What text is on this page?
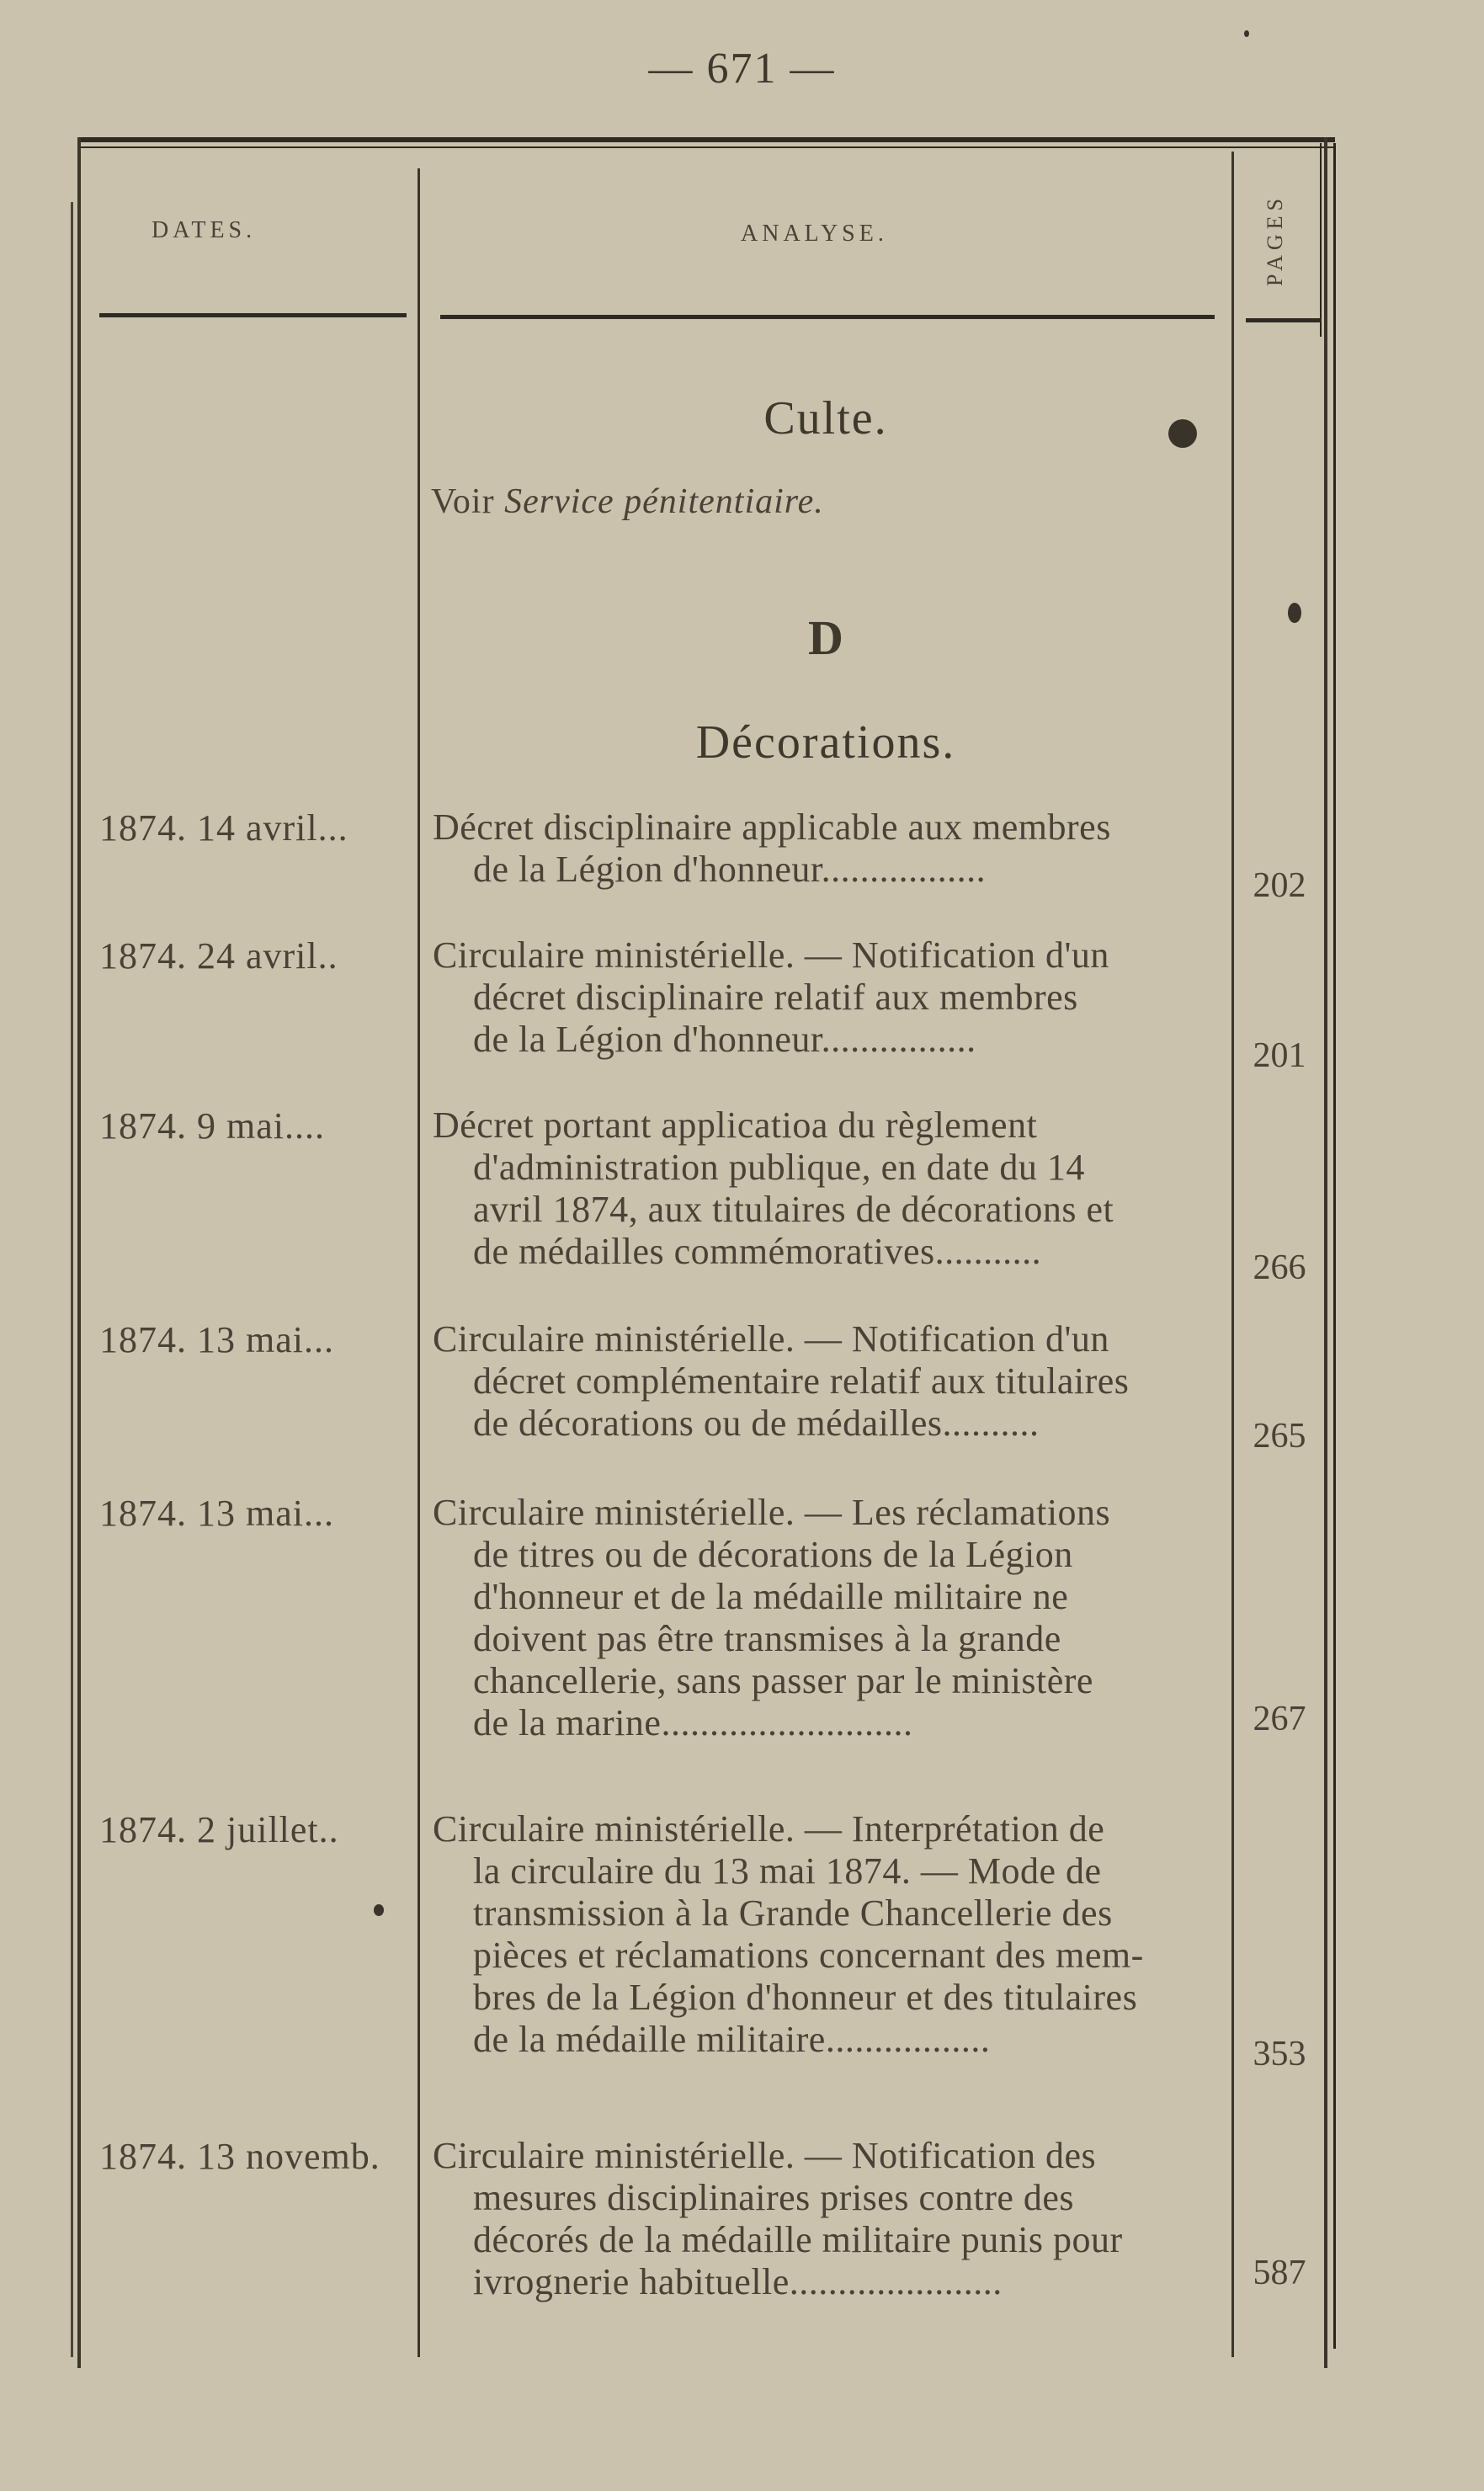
— 671 —
DATES.	ANALYSE.	PAGES
Culte.
Voir Service pénitentiaire.
D
Décorations.
1874. 14 avril... Décret disciplinaire applicable aux membres
de la Légion d'honneur.................	202
1874. 24 avril..	Circulaire ministérielle. — Notification d'un
décret disciplinaire relatif aux membres
de la Légion d'honneur................	201
1874. 9 mai....	Décret portant applicatioa du règlement
d'administration publique, en date du 14
avril 1874, aux titulaires de décorations et
de médailles commémoratives...........	266
1874. 13 mai...	Circulaire ministérielle. — Notification d'un
décret complémentaire relatif aux titulaires
de décorations ou de médailles..........	265
1874. 13 mai...	Circulaire ministérielle. — Les réclamations
de titres ou de décorations de la Légion
d'honneur et de la médaille militaire ne
doivent pas être transmises à la grande
chancellerie, sans passer par le ministère
de la marine..........................	267
1874. 2 juillet..	Circulaire ministérielle. — Interprétation de
la circulaire du 13 mai 1874. — Mode de
transmission à la Grande Chancellerie des
pièces et réclamations concernant des mem-
bres de la Légion d'honneur et des titulaires
de la médaille militaire.................	353
1874. 13 novemb. Circulaire ministérielle. — Notification des
mesures disciplinaires prises contre des
décorés de la médaille militaire punis pour
ivrognerie habituelle......................	587
